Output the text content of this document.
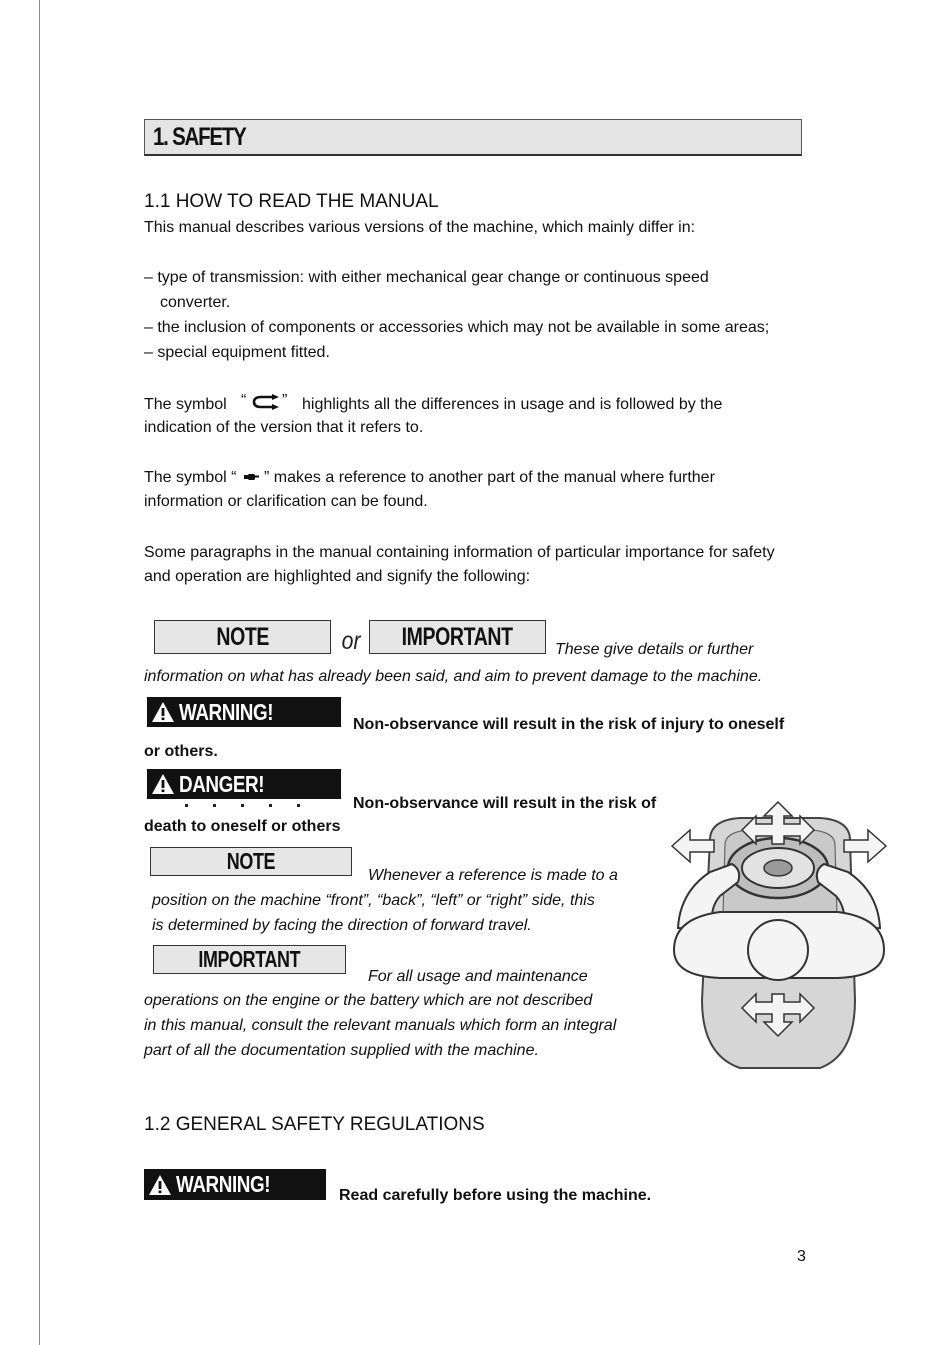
1. SAFETY
1.1 HOW TO READ THE MANUAL
This manual describes various versions of the machine, which mainly differ in:
– type of transmission: with either mechanical gear change or continuous speed
converter.
– the inclusion of components or accessories which may not be available in some areas;
– special equipment fitted.
The symbol “ ” highlights all the differences in usage and is followed by the
indication of the version that it refers to.
The symbol “ ” makes a reference to another part of the manual where further
information or clarification can be found.
Some paragraphs in the manual containing information of particular importance for safety
and operation are highlighted and signify the following:
NOTE	or IMPORTANT	These give details or further
information on what has already been said, and aim to prevent damage to the machine.
WARNING!	Non-observance will result in the risk of injury to oneself
or others.
DANGER!
Non-observance will result in the risk of
death to oneself or others
NOTE
Whenever a reference is made to a
position on the machine “front”, “back”, “left” or “right” side, this
is determined by facing the direction of forward travel.
IMPORTANT
For all usage and maintenance
operations on the engine or the battery which are not described
in this manual, consult the relevant manuals which form an integral
part of all the documentation supplied with the machine.
1.2 GENERAL SAFETY REGULATIONS
WARNING!	Read carefully before using the machine.
3
